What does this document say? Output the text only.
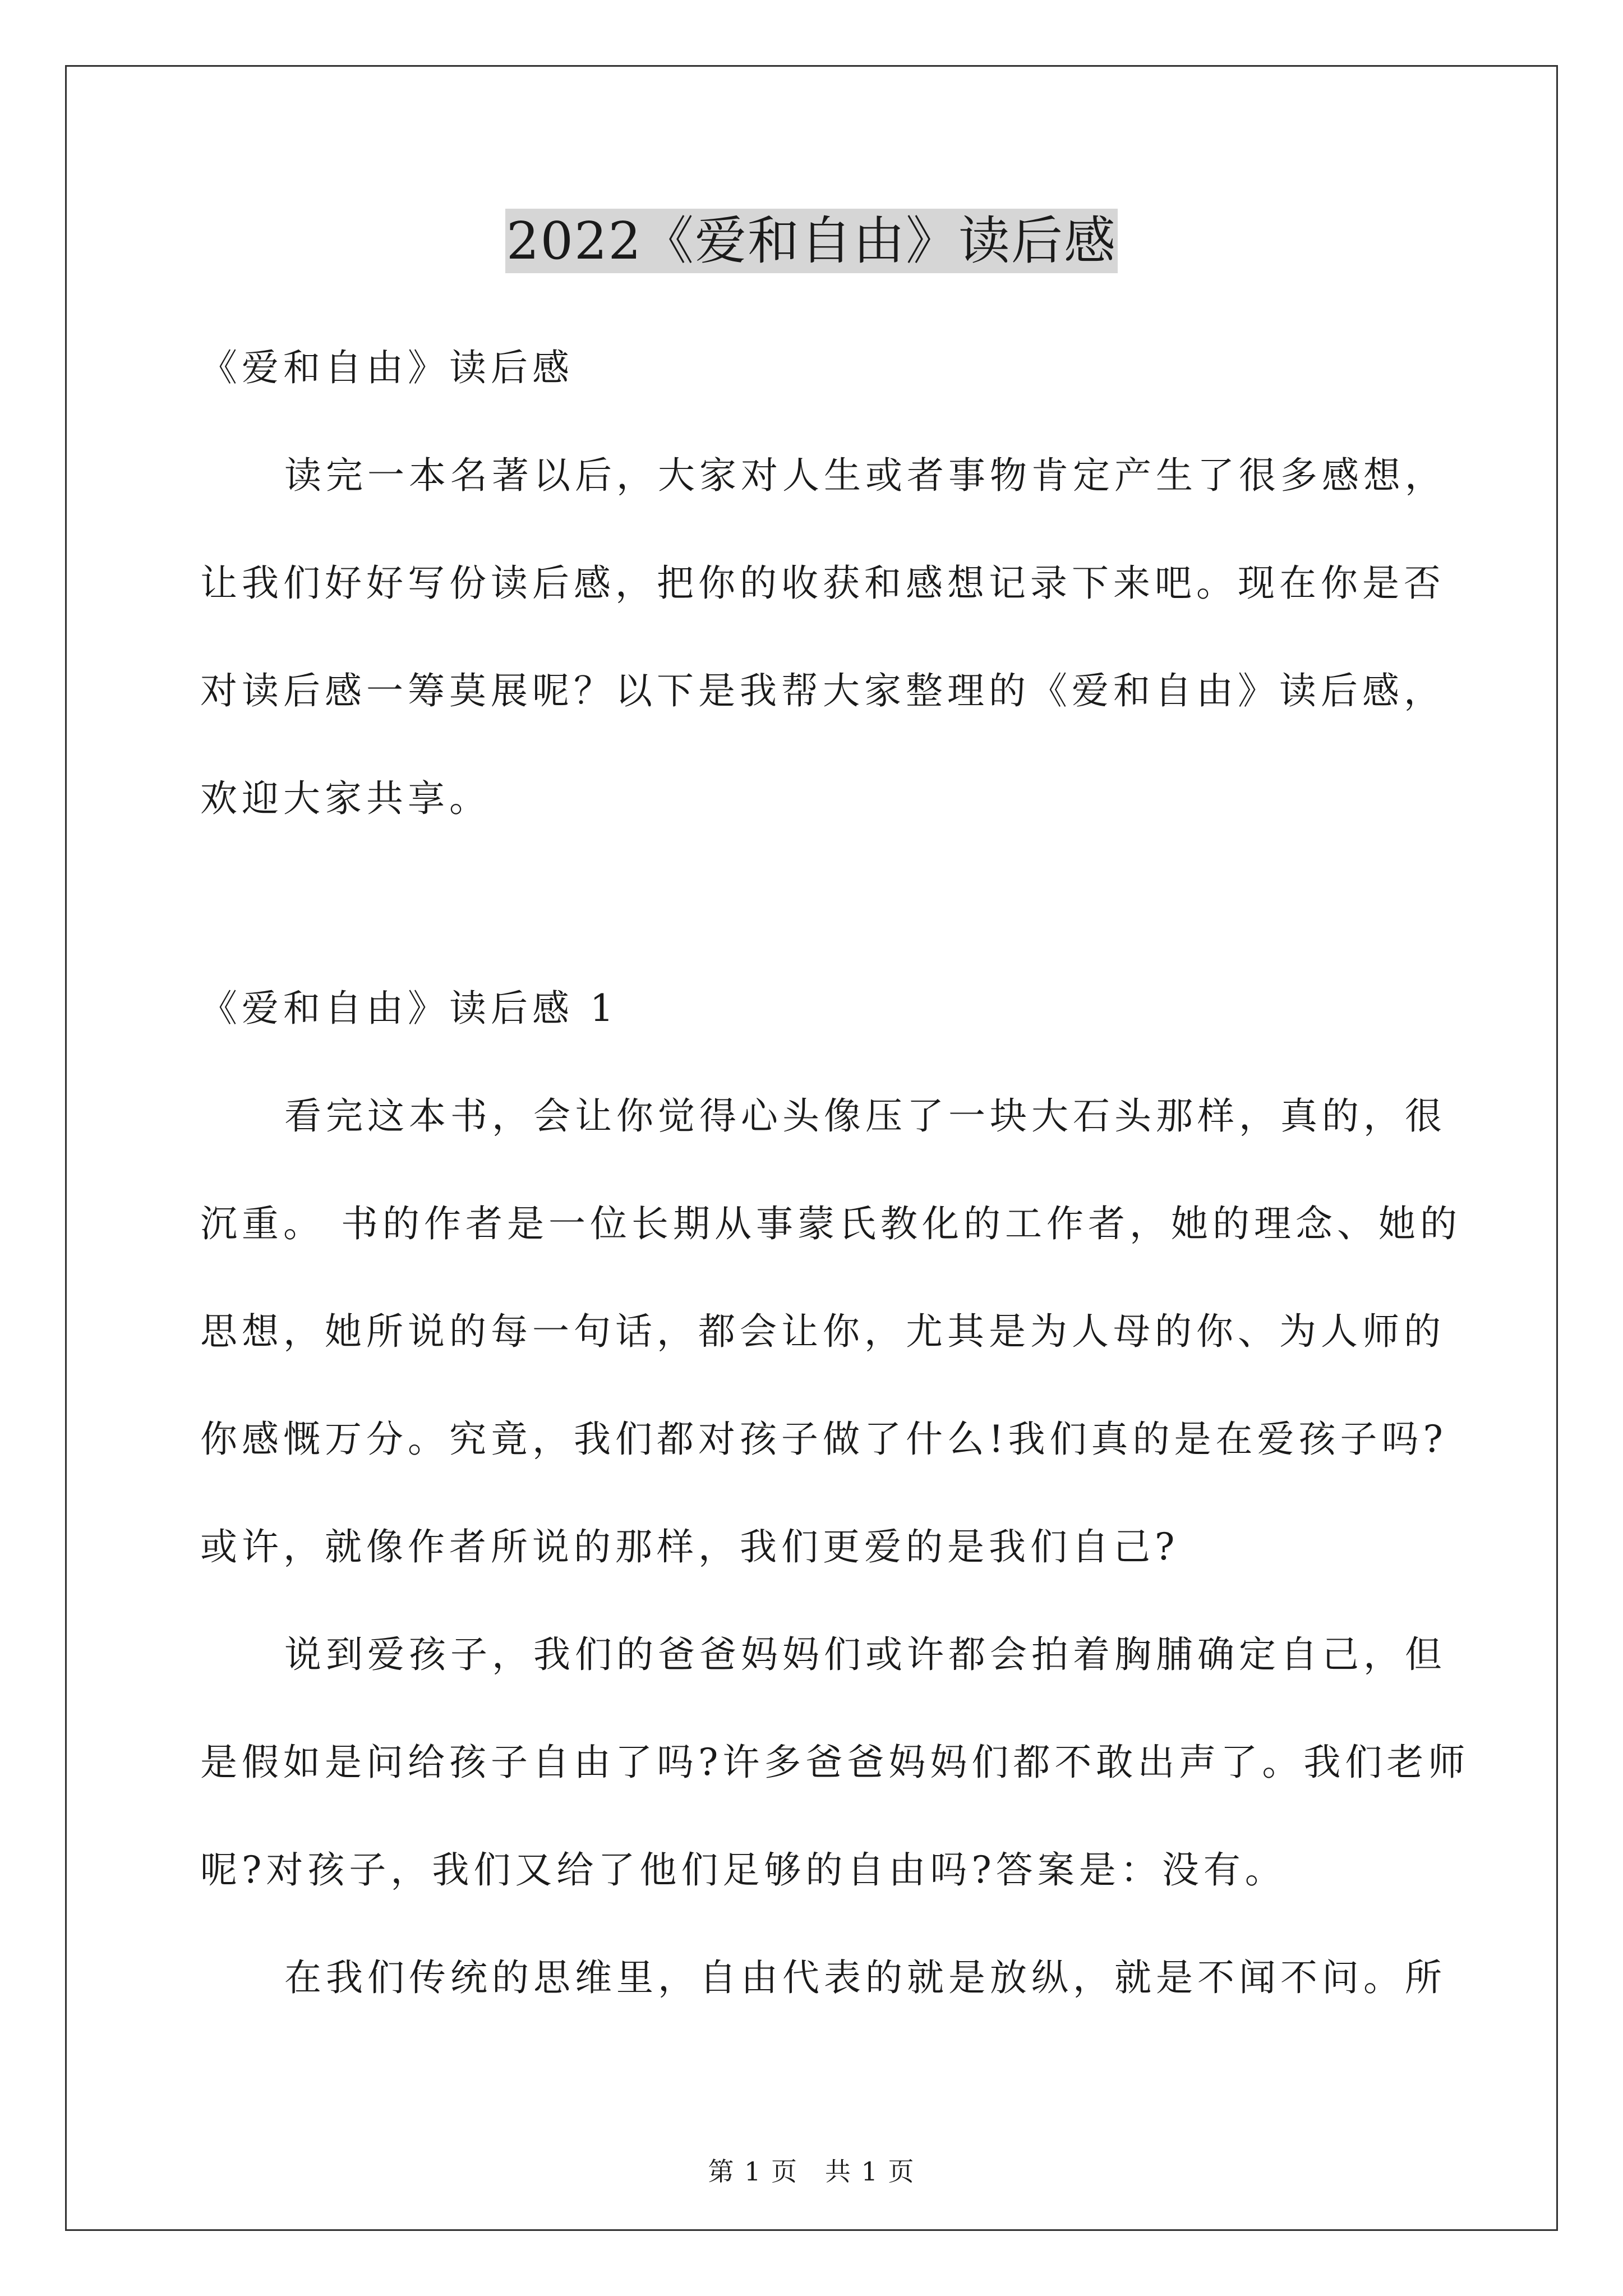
2022《爱和自由》读后感
《爱和自由》读后感
读完一本名著以后，大家对人生或者事物肯定产生了很多感想，
让我们好好写份读后感，把你的收获和感想记录下来吧。现在你是否
对读后感一筹莫展呢？以下是我帮大家整理的《爱和自由》读后感，
欢迎大家共享。
《爱和自由》读后感 1
看完这本书，会让你觉得心头像压了一块大石头那样，真的，很
沉重。 书的作者是一位长期从事蒙氏教化的工作者，她的理念、她的
思想，她所说的每一句话，都会让你，尤其是为人母的你、为人师的
你感慨万分。究竟，我们都对孩子做了什么!我们真的是在爱孩子吗?
或许，就像作者所说的那样，我们更爱的是我们自己?
说到爱孩子，我们的爸爸妈妈们或许都会拍着胸脯确定自己，但
是假如是问给孩子自由了吗?许多爸爸妈妈们都不敢出声了。我们老师
呢?对孩子，我们又给了他们足够的自由吗?答案是：没有。
在我们传统的思维里，自由代表的就是放纵，就是不闻不问。所
第 1 页　共 1 页
